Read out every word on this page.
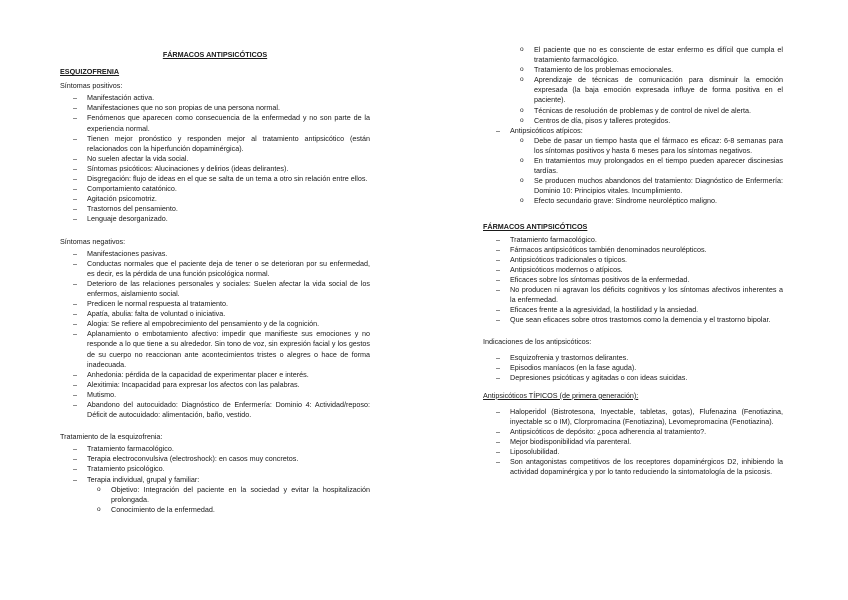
FÁRMACOS ANTIPSICÓTICOS
ESQUIZOFRENIA
Síntomas positivos:
– Manifestación activa.
– Manifestaciones que no son propias de una persona normal.
– Fenómenos que aparecen como consecuencia de la enfermedad y no son parte de la experiencia normal.
– Tienen mejor pronóstico y responden mejor al tratamiento antipsicótico (están relacionados con la hiperfunción dopaminérgica).
– No suelen afectar la vida social.
– Síntomas psicóticos: Alucinaciones y delirios (ideas delirantes).
– Disgregación: flujo de ideas en el que se salta de un tema a otro sin relación entre ellos.
– Comportamiento catatónico.
– Agitación psicomotriz.
– Trastornos del pensamiento.
– Lenguaje desorganizado.
Síntomas negativos:
– Manifestaciones pasivas.
– Conductas normales que el paciente deja de tener o se deterioran por su enfermedad, es decir, es la pérdida de una función psicológica normal.
– Deterioro de las relaciones personales y sociales: Suelen afectar la vida social de los enfermos, aislamiento social.
– Predicen le normal respuesta al tratamiento.
– Apatía, abulia: falta de voluntad o iniciativa.
– Alogia: Se refiere al empobrecimiento del pensamiento y de la cognición.
– Aplanamiento o embotamiento afectivo: impedir que manifieste sus emociones y no responde a lo que tiene a su alrededor. Sin tono de voz, sin expresión facial y los gestos de su cuerpo no reaccionan ante acontecimientos tristes o alegres o hace de forma inadecuada.
– Anhedonia: pérdida de la capacidad de experimentar placer e interés.
– Alexitimia: Incapacidad para expresar los afectos con las palabras.
– Mutismo.
– Abandono del autocuidado: Diagnóstico de Enfermería: Dominio 4: Actividad/reposo: Déficit de autocuidado: alimentación, baño, vestido.
Tratamiento de la esquizofrenia:
– Tratamiento farmacológico.
– Terapia electroconvulsiva (electroshock): en casos muy concretos.
– Tratamiento psicológico.
– Terapia individual, grupal y familiar:
o Objetivo: Integración del paciente en la sociedad y evitar la hospitalización prolongada.
o Conocimiento de la enfermedad.
o El paciente que no es consciente de estar enfermo es difícil que cumpla el tratamiento farmacológico.
o Tratamiento de los problemas emocionales.
o Aprendizaje de técnicas de comunicación para disminuir la emoción expresada (la baja emoción expresada influye de forma positiva en el paciente).
o Técnicas de resolución de problemas y de control de nivel de alerta.
o Centros de día, pisos y talleres protegidos.
– Antipsicóticos atípicos:
o Debe de pasar un tiempo hasta que el fármaco es eficaz: 6-8 semanas para los síntomas positivos y hasta 6 meses para los síntomas negativos.
o En tratamientos muy prolongados en el tiempo pueden aparecer discinesias tardías.
o Se producen muchos abandonos del tratamiento: Diagnóstico de Enfermería: Dominio 10: Principios vitales. Incumplimiento.
o Efecto secundario grave: Síndrome neuroléptico maligno.
FÁRMACOS ANTIPSICÓTICOS
– Tratamiento farmacológico.
– Fármacos antipsicóticos también denominados neurolépticos.
– Antipsicóticos tradicionales o típicos.
– Antipsicóticos modernos o atípicos.
– Eficaces sobre los síntomas positivos de la enfermedad.
– No producen ni agravan los déficits cognitivos y los síntomas afectivos inherentes a la enfermedad.
– Eficaces frente a la agresividad, la hostilidad y la ansiedad.
– Que sean eficaces sobre otros trastornos como la demencia y el trastorno bipolar.
Indicaciones de los antipsicóticos:
– Esquizofrenia y trastornos delirantes.
– Episodios maníacos (en la fase aguda).
– Depresiones psicóticas y agitadas o con ideas suicidas.
Antipsicóticos TÍPICOS (de primera generación):
– Haloperidol (Bistrotesona, Inyectable, tabletas, gotas), Flufenazina (Fenotiazina, inyectable sc o IM), Clorpromacina (Fenotiazina), Levomepromacina (Fenotiazina).
– Antipsicóticos de depósito: ¿poca adherencia al tratamiento?.
– Mejor biodisponibilidad vía parenteral.
– Liposolubilidad.
– Son antagonistas competitivos de los receptores dopaminérgicos D2, inhibiendo la actividad dopaminérgica y por lo tanto reduciendo la sintomatología de la psicosis.
